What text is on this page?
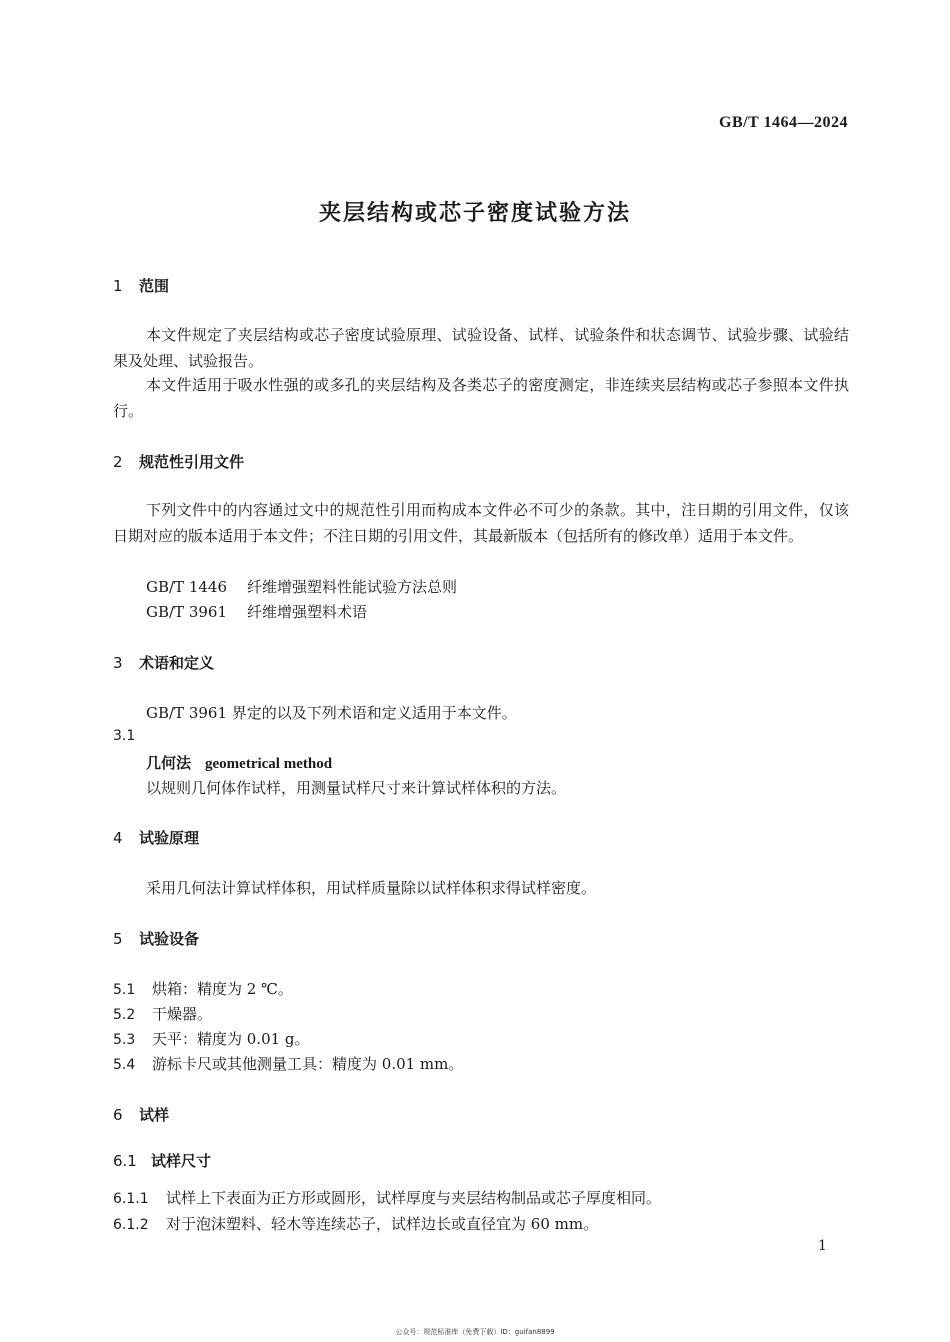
GB/T 1464—2024
夹层结构或芯子密度试验方法
1 范围
本文件规定了夹层结构或芯子密度试验原理、试验设备、试样、试验条件和状态调节、试验步骤、试验结果及处理、试验报告。
本文件适用于吸水性强的或多孔的夹层结构及各类芯子的密度测定，非连续夹层结构或芯子参照本文件执行。
2 规范性引用文件
下列文件中的内容通过文中的规范性引用而构成本文件必不可少的条款。其中，注日期的引用文件，仅该日期对应的版本适用于本文件；不注日期的引用文件，其最新版本（包括所有的修改单）适用于本文件。
GB/T 1446 纤维增强塑料性能试验方法总则
GB/T 3961 纤维增强塑料术语
3 术语和定义
GB/T 3961 界定的以及下列术语和定义适用于本文件。
3.1
几何法 geometrical method
以规则几何体作试样，用测量试样尺寸来计算试样体积的方法。
4 试验原理
采用几何法计算试样体积，用试样质量除以试样体积求得试样密度。
5 试验设备
5.1 烘箱：精度为 2 ℃。
5.2 干燥器。
5.3 天平：精度为 0.01 g。
5.4 游标卡尺或其他测量工具：精度为 0.01 mm。
6 试样
6.1 试样尺寸
6.1.1 试样上下表面为正方形或圆形，试样厚度与夹层结构制品或芯子厚度相同。
6.1.2 对于泡沫塑料、轻木等连续芯子，试样边长或直径宜为 60 mm。
1
公众号：规范标准库（免费下载）ID：guifan8899
